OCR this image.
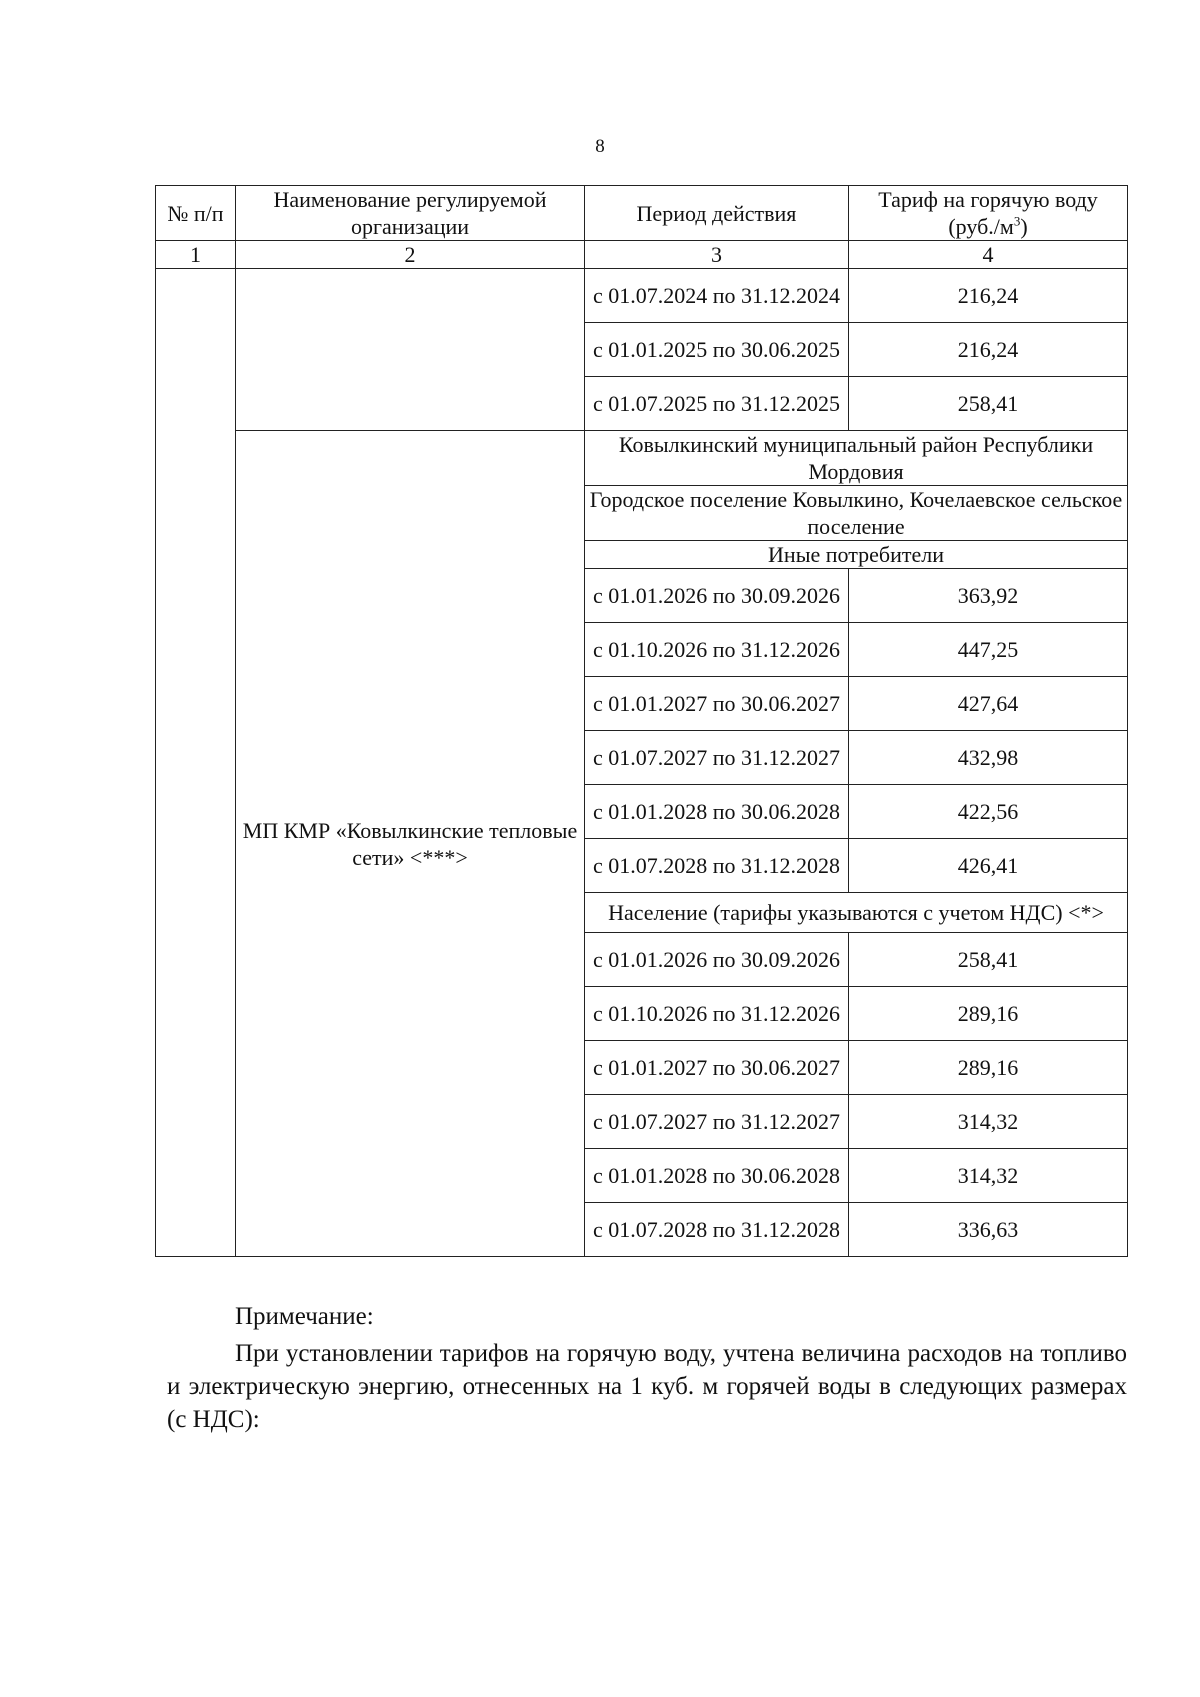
8
№ п/п	Наименование регулируемой организации	Период действия	Тариф на горячую воду $(руб./м^3)$
1	2	3	4
		с 01.07.2024 по 31.12.2024	216,24
		с 01.01.2025 по 30.06.2025	216,24
		с 01.07.2025 по 31.12.2025	258,41
	МП КМР «Ковылкинские тепловые сети» <***>	Ковылкинский муниципальный район Республики Мордовия	
		Городское поселение Ковылкино, Кочелаевское сельское поселение	
		Иные потребители	
		с 01.01.2026 по 30.09.2026	363,92
		с 01.10.2026 по 31.12.2026	447,25
		с 01.01.2027 по 30.06.2027	427,64
		с 01.07.2027 по 31.12.2027	432,98
		с 01.01.2028 по 30.06.2028	422,56
		с 01.07.2028 по 31.12.2028	426,41
		Население (тарифы указываются с учетом НДС) <*>	
		с 01.01.2026 по 30.09.2026	258,41
		с 01.10.2026 по 31.12.2026	289,16
		с 01.01.2027 по 30.06.2027	289,16
		с 01.07.2027 по 31.12.2027	314,32
		с 01.01.2028 по 30.06.2028	314,32
		с 01.07.2028 по 31.12.2028	336,63
Примечание:
При установлении тарифов на горячую воду, учтена величина расходов на топливо и электрическую энергию, отнесенных на 1 куб. м горячей воды в следующих размерах (с НДС):
